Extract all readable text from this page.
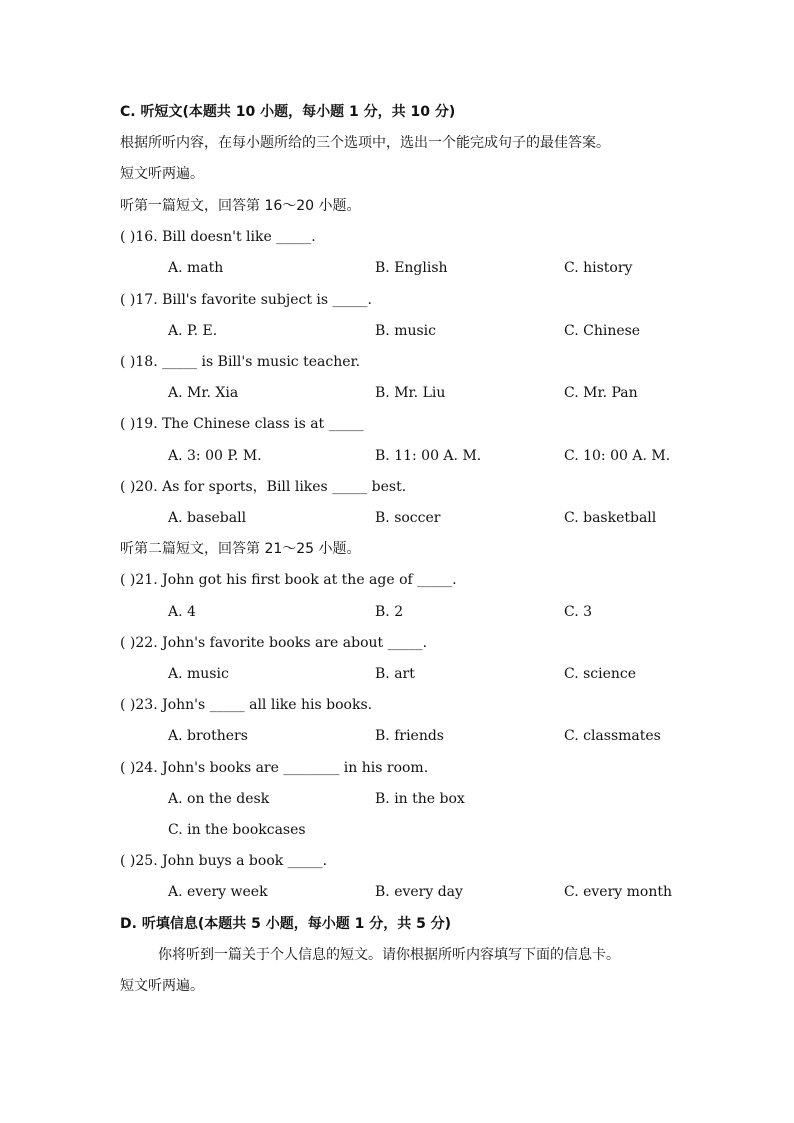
C. 听短文(本题共 10 小题，每小题 1 分，共 10 分)
根据所听内容，在每小题所给的三个选项中，选出一个能完成句子的最佳答案。
短文听两遍。
听第一篇短文，回答第 16～20 小题。
( )16. Bill doesn't like _____.
A. math	B. English	C. history
( )17. Bill's favorite subject is _____.
A. P. E.	B. music	C. Chinese
( )18. _____ is Bill's music teacher.
A. Mr. Xia	B. Mr. Liu	C. Mr. Pan
( )19. The Chinese class is at _____
A. 3: 00 P. M.	B. 11: 00 A. M.	C. 10: 00 A. M.
( )20. As for sports，Bill likes _____ best.
A. baseball	B. soccer	C. basketball
听第二篇短文，回答第 21～25 小题。
( )21. John got his first book at the age of _____.
A. 4	B. 2	C. 3
( )22. John's favorite books are about _____.
A. music	B. art	C. science
( )23. John's _____ all like his books.
A. brothers	B. friends	C. classmates
( )24. John's books are ________ in his room.
A. on the desk	B. in the box
C. in the bookcases
( )25. John buys a book _____.
A. every week	B. every day	C. every month
D. 听填信息(本题共 5 小题，每小题 1 分，共 5 分)
你将听到一篇关于个人信息的短文。请你根据所听内容填写下面的信息卡。
短文听两遍。
